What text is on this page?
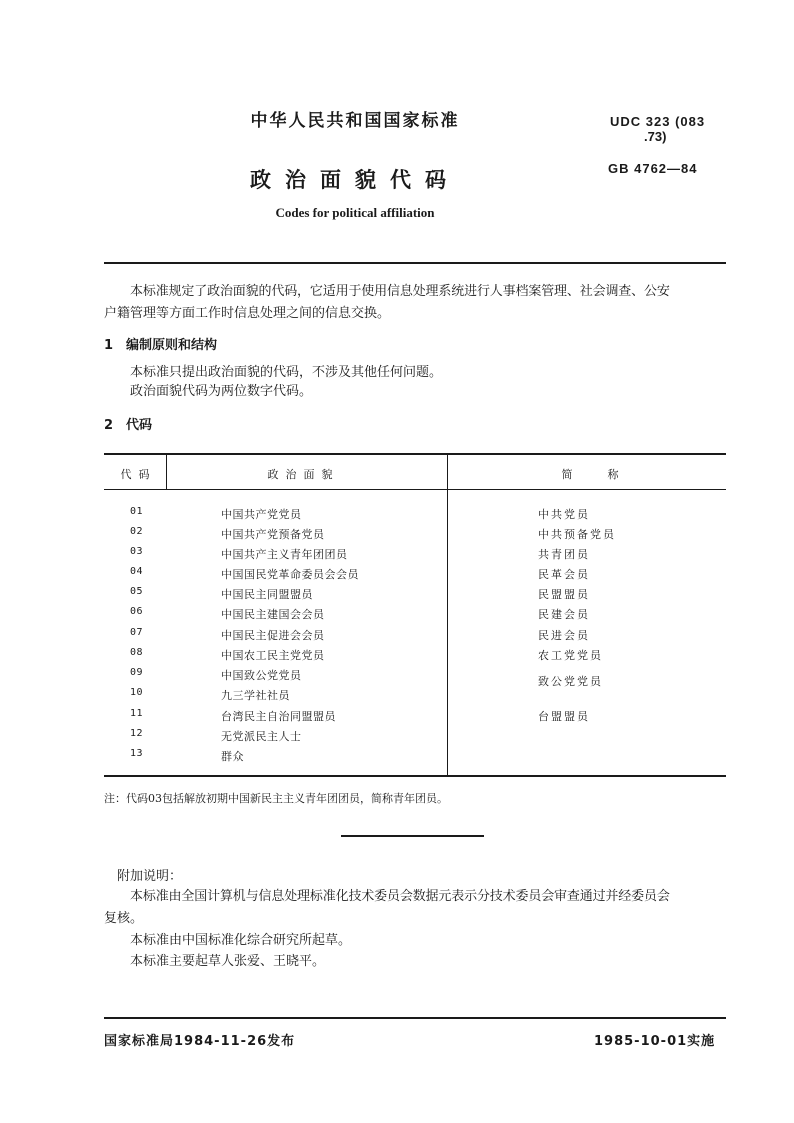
中华人民共和国国家标准	UDC 323 (083
.73)
GB 4762—84
政治面貌代码
Codes for political affiliation
本标准规定了政治面貌的代码，它适用于使用信息处理系统进行人事档案管理、社会调查、公安
户籍管理等方面工作时信息处理之间的信息交换。
1　编制原则和结构
本标准只提出政治面貌的代码，不涉及其他任何问题。
政治面貌代码为两位数字代码。
2　代码
代  码	政  治  面  貌	简          称
01	中国共产党党员	中共党员
02	中国共产党预备党员	中共预备党员
03	中国共产主义青年团团员	共青团员
04	中国国民党革命委员会会员	民革会员
05	中国民主同盟盟员	民盟盟员
06	中国民主建国会会员	民建会员
07	中国民主促进会会员	民进会员
08	中国农工民主党党员	农工党党员
09	中国致公党党员	致公党党员
10	九三学社社员
11	台湾民主自治同盟盟员	台盟盟员
12	无党派民主人士
13	群众
注：代码03包括解放初期中国新民主主义青年团团员，简称青年团员。
附加说明：
本标准由全国计算机与信息处理标准化技术委员会数据元表示分技术委员会审查通过并经委员会
复核。
本标准由中国标准化综合研究所起草。
本标准主要起草人张爱、王晓平。
国家标准局1984-11-26发布	1985-10-01实施
